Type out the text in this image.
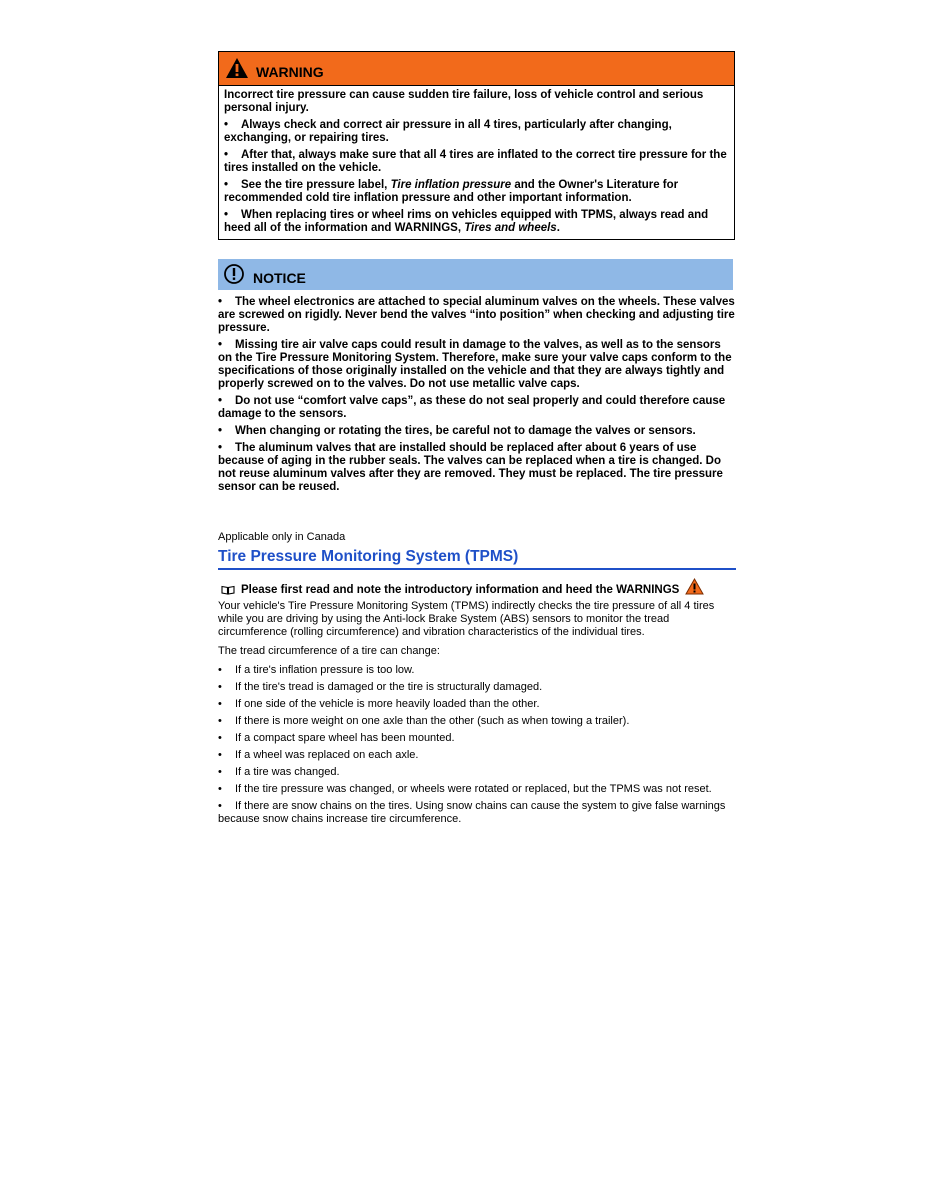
WARNING

Incorrect tire pressure can cause sudden tire failure, loss of vehicle control and serious personal injury.

• Always check and correct air pressure in all 4 tires, particularly after changing, exchanging, or repairing tires.

• After that, always make sure that all 4 tires are inflated to the correct tire pressure for the tires installed on the vehicle.

• See the tire pressure label, Tire inflation pressure and the Owner's Literature for recommended cold tire inflation pressure and other important information.

• When replacing tires or wheel rims on vehicles equipped with TPMS, always read and heed all of the information and WARNINGS, Tires and wheels.

NOTICE

• The wheel electronics are attached to special aluminum valves on the wheels. These valves are screwed on rigidly. Never bend the valves “into position” when checking and adjusting tire pressure.

• Missing tire air valve caps could result in damage to the valves, as well as to the sensors on the Tire Pressure Monitoring System. Therefore, make sure your valve caps conform to the specifications of those originally installed on the vehicle and that they are always tightly and properly screwed on to the valves. Do not use metallic valve caps.

• Do not use “comfort valve caps”, as these do not seal properly and could therefore cause damage to the sensors.

• When changing or rotating the tires, be careful not to damage the valves or sensors.

• The aluminum valves that are installed should be replaced after about 6 years of use because of aging in the rubber seals. The valves can be replaced when a tire is changed. Do not reuse aluminum valves after they are removed. They must be replaced. The tire pressure sensor can be reused.

Applicable only in Canada
Tire Pressure Monitoring System (TPMS)
Please first read and note the introductory information and heed the WARNINGS

Your vehicle's Tire Pressure Monitoring System (TPMS) indirectly checks the tire pressure of all 4 tires while you are driving by using the Anti-lock Brake System (ABS) sensors to monitor the tread circumference (rolling circumference) and vibration characteristics of the individual tires.

The tread circumference of a tire can change:

• If a tire's inflation pressure is too low.

• If the tire's tread is damaged or the tire is structurally damaged.

• If one side of the vehicle is more heavily loaded than the other.

• If there is more weight on one axle than the other (such as when towing a trailer).

• If a compact spare wheel has been mounted.

• If a wheel was replaced on each axle.

• If a tire was changed.

• If the tire pressure was changed, or wheels were rotated or replaced, but the TPMS was not reset.

• If there are snow chains on the tires. Using snow chains can cause the system to give false warnings because snow chains increase tire circumference.
